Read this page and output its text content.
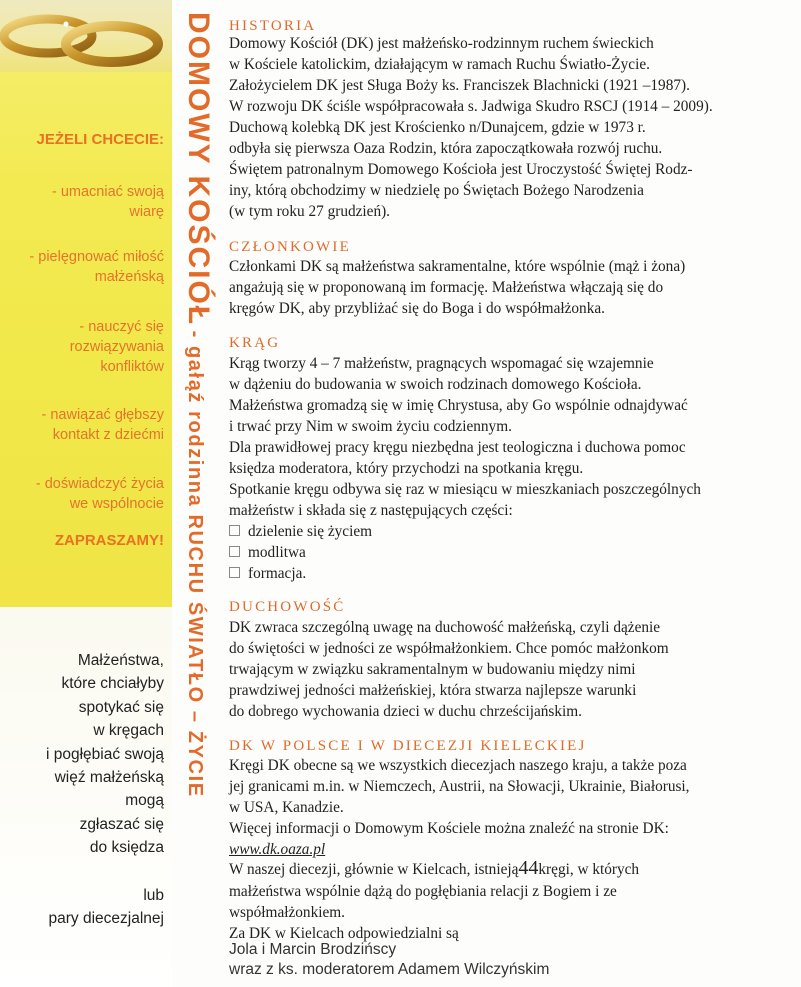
JEŻELI CHCECIE:
- umacniać swoją
wiarę
- pielęgnować miłość
małżeńską
- nauczyć się
rozwiązywania
konfliktów
- nawiązać głębszy
kontakt z dziećmi
- doświadczyć życia
we wspólnocie
ZAPRASZAMY!
Małżeństwa,
które chciałyby
spotykać się
w kręgach
i pogłębiać swoją
więź małżeńską
mogą
zgłaszać się
do księdza
lub
pary diecezjalnej
DOMOWY KOŚCIÓŁ - gałąź rodzinna RUCHU ŚWIATŁO – ŻYCIE
HISTORIA
Domowy Kościół (DK) jest małżeńsko-rodzinnym ruchem świeckich
w Kościele katolickim, działającym w ramach Ruchu Światło-Życie.
Założycielem DK jest Sługa Boży ks. Franciszek Blachnicki (1921 –1987).
W rozwoju DK ściśle współpracowała s. Jadwiga Skudro RSCJ (1914 – 2009).
Duchową kolebką DK jest Krościenko n/Dunajcem, gdzie w 1973 r.
odbyła się pierwsza Oaza Rodzin, która zapoczątkowała rozwój ruchu.
Świętem patronalnym Domowego Kościoła jest Uroczystość Świętej Rodz-
iny, którą obchodzimy w niedzielę po Świętach Bożego Narodzenia
(w tym roku 27 grudzień).
CZŁONKOWIE
Członkami DK są małżeństwa sakramentalne, które wspólnie (mąż i żona)
angażują się w proponowaną im formację. Małżeństwa włączają się do
kręgów DK, aby przybliżać się do Boga i do współmałżonka.
KRĄG
Krąg tworzy 4 – 7 małżeństw, pragnących wspomagać się wzajemnie
w dążeniu do budowania w swoich rodzinach domowego Kościoła.
Małżeństwa gromadzą się w imię Chrystusa, aby Go wspólnie odnajdywać
i trwać przy Nim w swoim życiu codziennym.
Dla prawidłowej pracy kręgu niezbędna jest teologiczna i duchowa pomoc
księdza moderatora, który przychodzi na spotkania kręgu.
Spotkanie kręgu odbywa się raz w miesiącu w mieszkaniach poszczególnych
małżeństw i składa się z następujących części:
dzielenie się życiem
modlitwa
formacja.
DUCHOWOŚĆ
DK zwraca szczególną uwagę na duchowość małżeńską, czyli dążenie
do świętości w jedności ze współmałżonkiem. Chce pomóc małżonkom
trwającym w związku sakramentalnym w budowaniu między nimi
prawdziwej jedności małżeńskiej, która stwarza najlepsze warunki
do dobrego wychowania dzieci w duchu chrześcijańskim.
DK W POLSCE I W DIECEZJI KIELECKIEJ
Kręgi DK obecne są we wszystkich diecezjach naszego kraju, a także poza
jej granicami m.in. w Niemczech, Austrii, na Słowacji, Ukrainie, Białorusi,
w USA, Kanadzie.
Więcej informacji o Domowym Kościele można znaleźć na stronie DK:
www.dk.oaza.pl
W naszej diecezji, głównie w Kielcach, istnieją44kręgi, w których
małżeństwa wspólnie dążą do pogłębiania relacji z Bogiem i ze
współmałżonkiem.
Za DK w Kielcach odpowiedzialni są
Jola i Marcin Brodzińscy
wraz z ks. moderatorem Adamem Wilczyńskim
